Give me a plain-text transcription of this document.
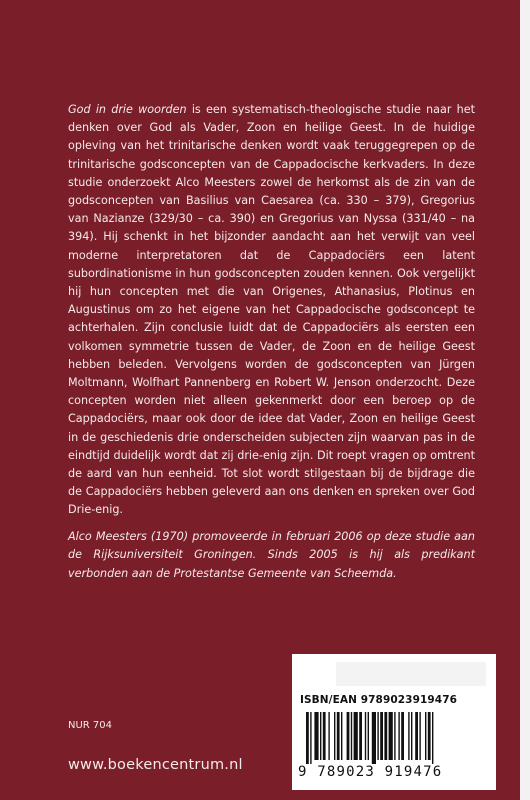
God in drie woorden is een systematisch-theologische studie naar het denken over God als Vader, Zoon en heilige Geest. In de huidige opleving van het trinitarische denken wordt vaak teruggegrepen op de trinitarische godsconcepten van de Cappadocische kerkvaders. In deze studie onderzoekt Alco Meesters zowel de herkomst als de zin van de godsconcepten van Basilius van Caesarea (ca. 330 – 379), Gregorius van Nazianze (329/30 – ca. 390) en Gregorius van Nyssa (331/40 – na 394). Hij schenkt in het bijzonder aandacht aan het verwijt van veel moderne interpretatoren dat de Cappadociërs een latent subordinationisme in hun godsconcepten zouden kennen. Ook vergelijkt hij hun concepten met die van Origenes, Athanasius, Plotinus en Augustinus om zo het eigene van het Cappadocische godsconcept te achterhalen. Zijn conclusie luidt dat de Cappadociërs als eersten een volkomen symmetrie tussen de Vader, de Zoon en de heilige Geest hebben beleden. Vervolgens worden de godsconcepten van Jürgen Moltmann, Wolfhart Pannenberg en Robert W. Jenson onderzocht. Deze concepten worden niet alleen gekenmerkt door een beroep op de Cappadociërs, maar ook door de idee dat Vader, Zoon en heilige Geest in de geschiedenis drie onderscheiden subjecten zijn waarvan pas in de eindtijd duidelijk wordt dat zij drie-enig zijn. Dit roept vragen op omtrent de aard van hun eenheid. Tot slot wordt stilgestaan bij de bijdrage die de Cappadociërs hebben geleverd aan ons denken en spreken over God Drie-enig.

Alco Meesters (1970) promoveerde in februari 2006 op deze studie aan de Rijksuniversiteit Groningen. Sinds 2005 is hij als predikant verbonden aan de Protestantse Gemeente van Scheemda.

NUR 704
www.boekencentrum.nl
ISBN/EAN 9789023919476
9 789023 919476
